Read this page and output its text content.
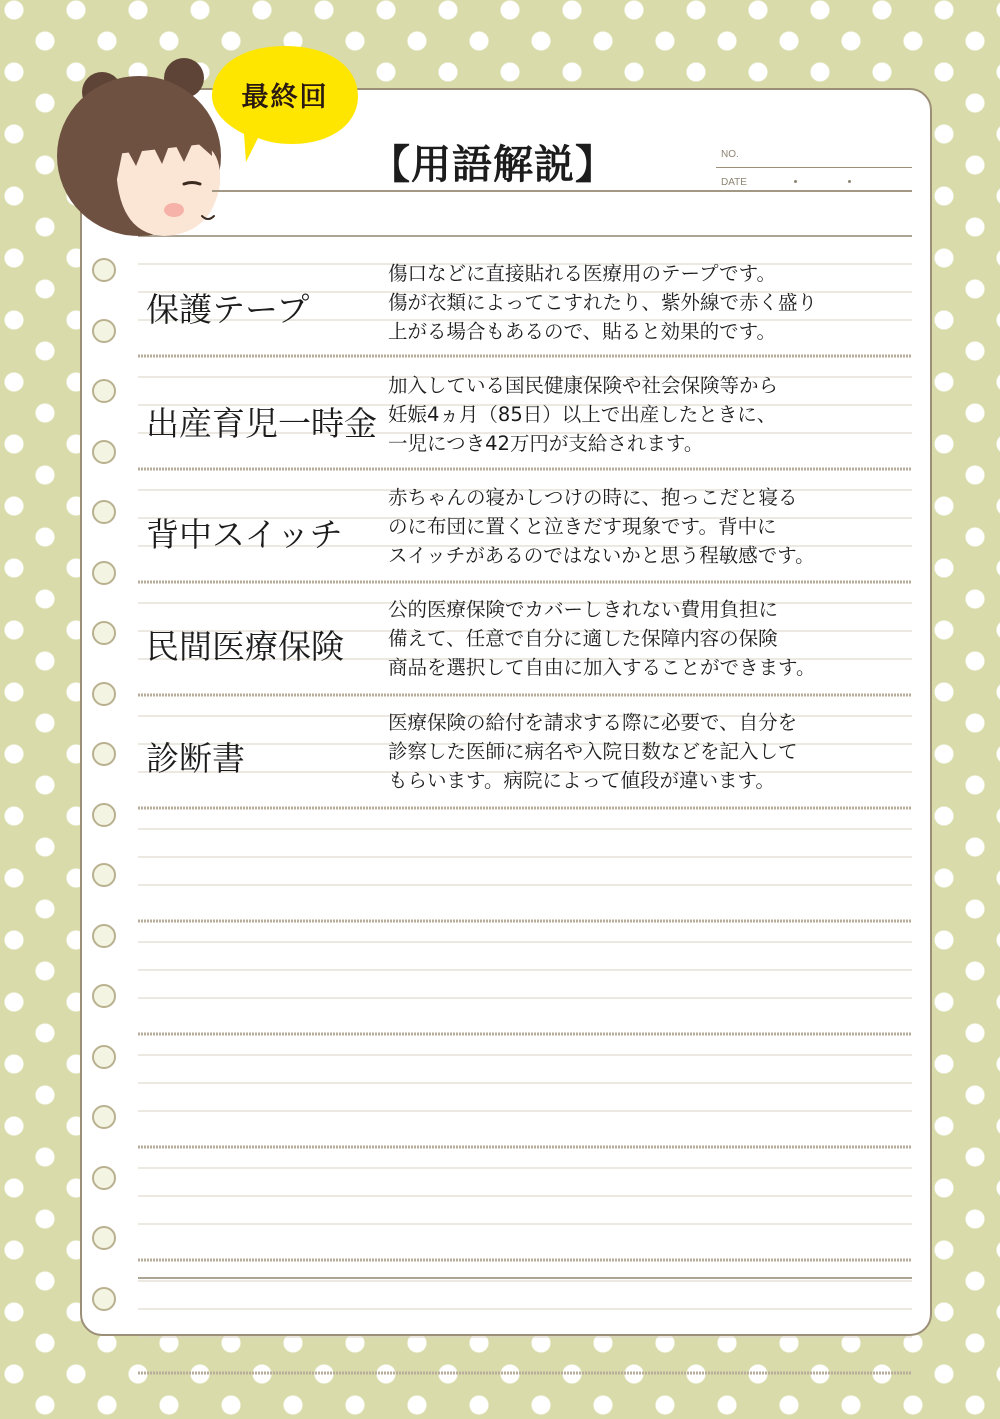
最終回
【用語解説】	NO.
DATE
保護テープ
傷口などに直接貼れる医療用のテープです。
傷が衣類によってこすれたり、紫外線で赤く盛り
上がる場合もあるので、貼ると効果的です。
出産育児一時金
加入している国民健康保険や社会保険等から
妊娠4ヵ月（85日）以上で出産したときに、
一児につき42万円が支給されます。
背中スイッチ
赤ちゃんの寝かしつけの時に、抱っこだと寝る
のに布団に置くと泣きだす現象です。背中に
スイッチがあるのではないかと思う程敏感です。
民間医療保険
公的医療保険でカバーしきれない費用負担に
備えて、任意で自分に適した保障内容の保険
商品を選択して自由に加入することができます。
診断書
医療保険の給付を請求する際に必要で、自分を
診察した医師に病名や入院日数などを記入して
もらいます。病院によって値段が違います。
